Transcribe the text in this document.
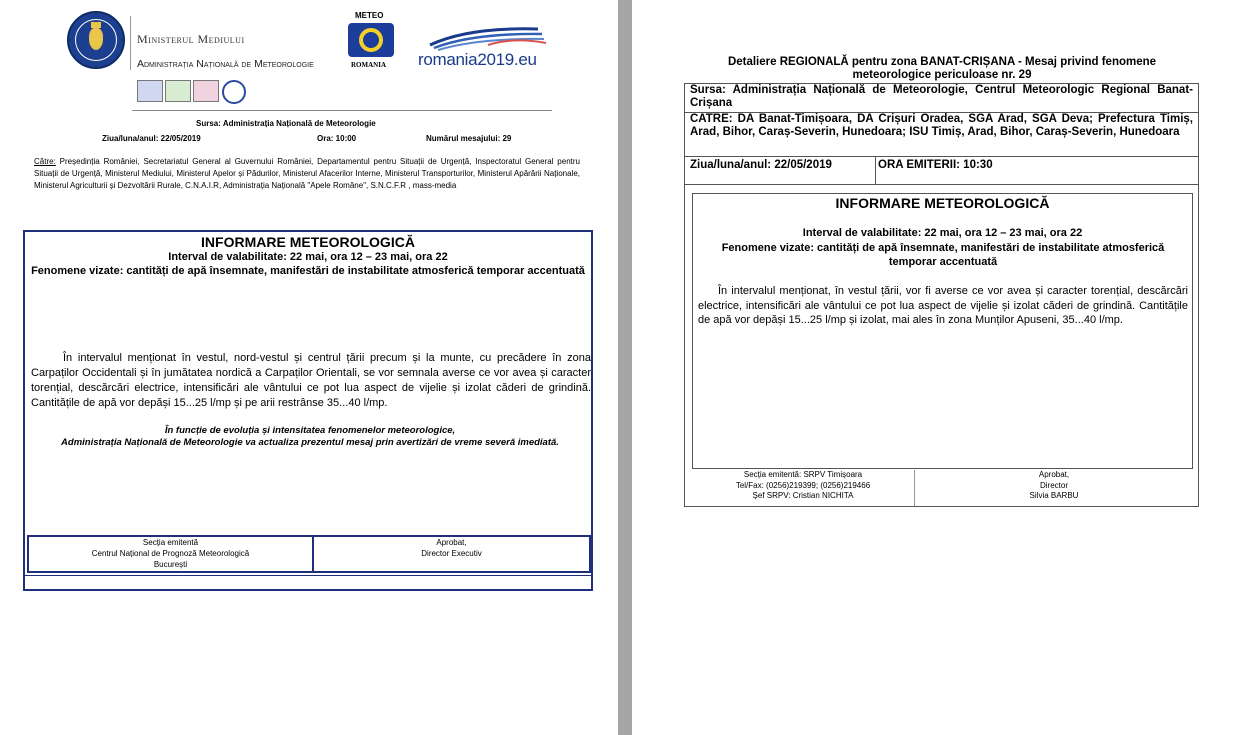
Ministerul Mediului
Administrația Națională de Meteorologie
METEO
ROMANIA romania2019.eu
Sursa: Administrația Națională de Meteorologie
Ziua/luna/anul: 22/05/2019	Ora: 10:00	Numărul mesajului: 29
Către: Președinția României, Secretariatul General al Guvernului României, Departamentul pentru Situații de Urgență, Inspectoratul General pentru Situații de Urgență, Ministerul Mediului, Ministerul Apelor și Pădurilor, Ministerul Afacerilor Interne, Ministerul Transporturilor, Ministerul Apărării Naționale, Ministerul Agriculturii și Dezvoltării Rurale, C.N.A.I.R, Administrația Națională "Apele Române", S.N.C.F.R , mass-media
INFORMARE METEOROLOGICĂ
Interval de valabilitate: 22 mai, ora 12 – 23 mai, ora 22
Fenomene vizate: cantități de apă însemnate, manifestări de instabilitate atmosferică temporar accentuată
În intervalul menționat în vestul, nord-vestul și centrul țării precum și la munte, cu precădere în zona Carpaților Occidentali și în jumătatea nordică a Carpaților Orientali, se vor semnala averse ce vor avea și caracter torențial, descărcări electrice, intensificări ale vântului ce pot lua aspect de vijelie și izolat căderi de grindină. Cantitățile de apă vor depăși 15...25 l/mp și pe arii restrânse 35...40 l/mp.
În funcție de evoluția și intensitatea fenomenelor meteorologice,
Administrația Națională de Meteorologie va actualiza prezentul mesaj prin avertizări de vreme severă imediată.
Secția emitentă
Centrul Național de Prognoză Meteorologică
București
Aprobat,
Director Executiv
Detaliere REGIONALĂ pentru zona BANAT-CRIȘANA - Mesaj privind fenomene meteorologice periculoase nr. 29
Sursa: Administrația Națională de Meteorologie, Centrul Meteorologic Regional Banat-Crișana
CATRE: DA Banat-Timișoara, DA Crișuri Oradea, SGA Arad, SGA Deva; Prefectura Timiș, Arad, Bihor, Caraș-Severin, Hunedoara; ISU Timiș, Arad, Bihor, Caraș-Severin, Hunedoara
Ziua/luna/anul: 22/05/2019	ORA EMITERII: 10:30
INFORMARE METEOROLOGICĂ
Interval de valabilitate: 22 mai, ora 12 – 23 mai, ora 22
Fenomene vizate: cantități de apă însemnate, manifestări de instabilitate atmosferică temporar accentuată
În intervalul menționat, în vestul țării, vor fi averse ce vor avea și caracter torențial, descărcări electrice, intensificări ale vântului ce pot lua aspect de vijelie și izolat căderi de grindină. Cantitățile de apă vor depăși 15...25 l/mp și izolat, mai ales în zona Munților Apuseni, 35...40 l/mp.
Secția emitentă: SRPV Timișoara
Tel/Fax: (0256)219399; (0256)219466
Șef SRPV: Cristian NICHITA
Aprobat,
Director
Silvia BARBU
